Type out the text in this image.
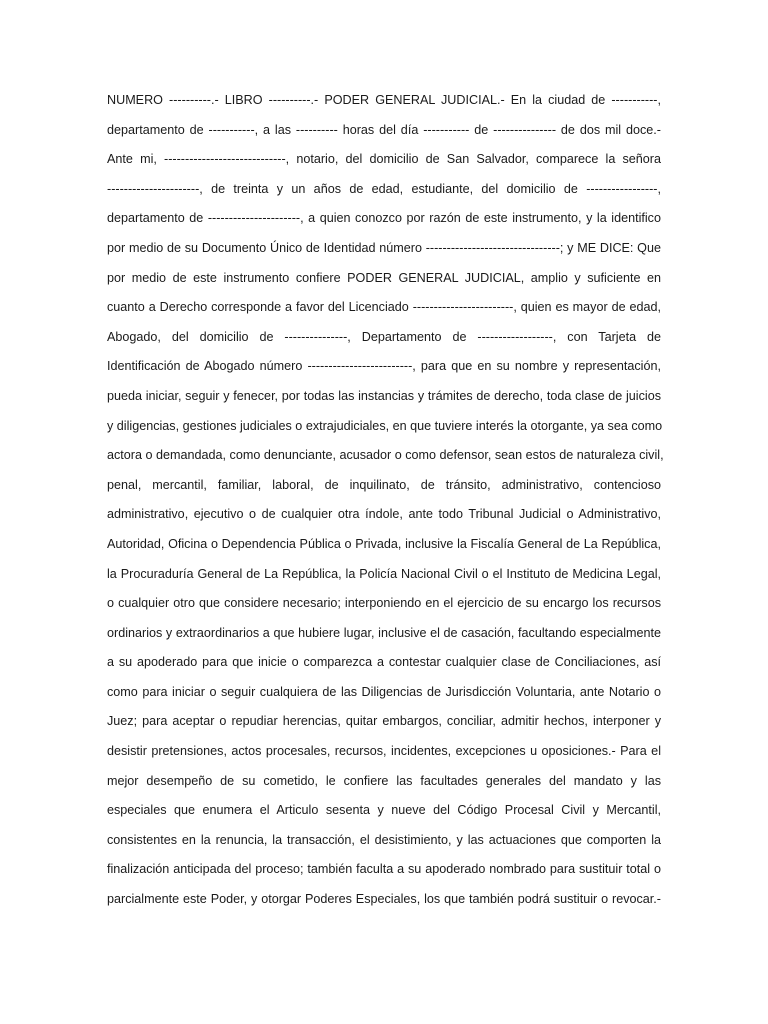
NUMERO ----------.- LIBRO ----------.- PODER GENERAL JUDICIAL.- En la ciudad de -----------,
departamento de -----------, a las ---------- horas del día ----------- de --------------- de dos mil doce.-
Ante mi, -----------------------------, notario, del domicilio de San Salvador, comparece la señora
----------------------, de treinta y un años de edad, estudiante, del domicilio de -----------------,
departamento de ----------------------, a quien conozco por razón de este instrumento, y la identifico
por medio de su Documento Único de Identidad número --------------------------------; y ME DICE: Que
por medio de este instrumento confiere PODER GENERAL JUDICIAL, amplio y suficiente en
cuanto a Derecho corresponde a favor del Licenciado ------------------------, quien es mayor de edad,
Abogado, del domicilio de ---------------, Departamento de ------------------, con Tarjeta de
Identificación de Abogado número -------------------------, para que en su nombre y representación,
pueda iniciar, seguir y fenecer, por todas las instancias y trámites de derecho, toda clase de juicios
y diligencias, gestiones judiciales o extrajudiciales, en que tuviere interés la otorgante, ya sea como
actora o demandada, como denunciante, acusador o como defensor, sean estos de naturaleza civil,
penal, mercantil, familiar, laboral, de inquilinato, de tránsito, administrativo, contencioso
administrativo, ejecutivo o de cualquier otra índole, ante todo Tribunal Judicial o Administrativo,
Autoridad, Oficina o Dependencia Pública o Privada, inclusive la Fiscalía General de La República,
la Procuraduría General de La República, la Policía Nacional Civil o el Instituto de Medicina Legal,
o cualquier otro que considere necesario; interponiendo en el ejercicio de su encargo los recursos
ordinarios y extraordinarios a que hubiere lugar, inclusive el de casación, facultando especialmente
a su apoderado para que inicie o comparezca a contestar cualquier clase de Conciliaciones, así
como para iniciar o seguir cualquiera de las Diligencias de Jurisdicción Voluntaria, ante Notario o
Juez; para aceptar o repudiar herencias, quitar embargos, conciliar, admitir hechos, interponer y
desistir pretensiones, actos procesales, recursos, incidentes, excepciones u oposiciones.- Para el
mejor desempeño de su cometido, le confiere las facultades generales del mandato y las
especiales que enumera el Articulo sesenta y nueve del Código Procesal Civil y Mercantil,
consistentes en la renuncia, la transacción, el desistimiento, y las actuaciones que comporten la
finalización anticipada del proceso; también faculta a su apoderado nombrado para sustituir total o
parcialmente este Poder, y otorgar Poderes Especiales, los que también podrá sustituir o revocar.-
